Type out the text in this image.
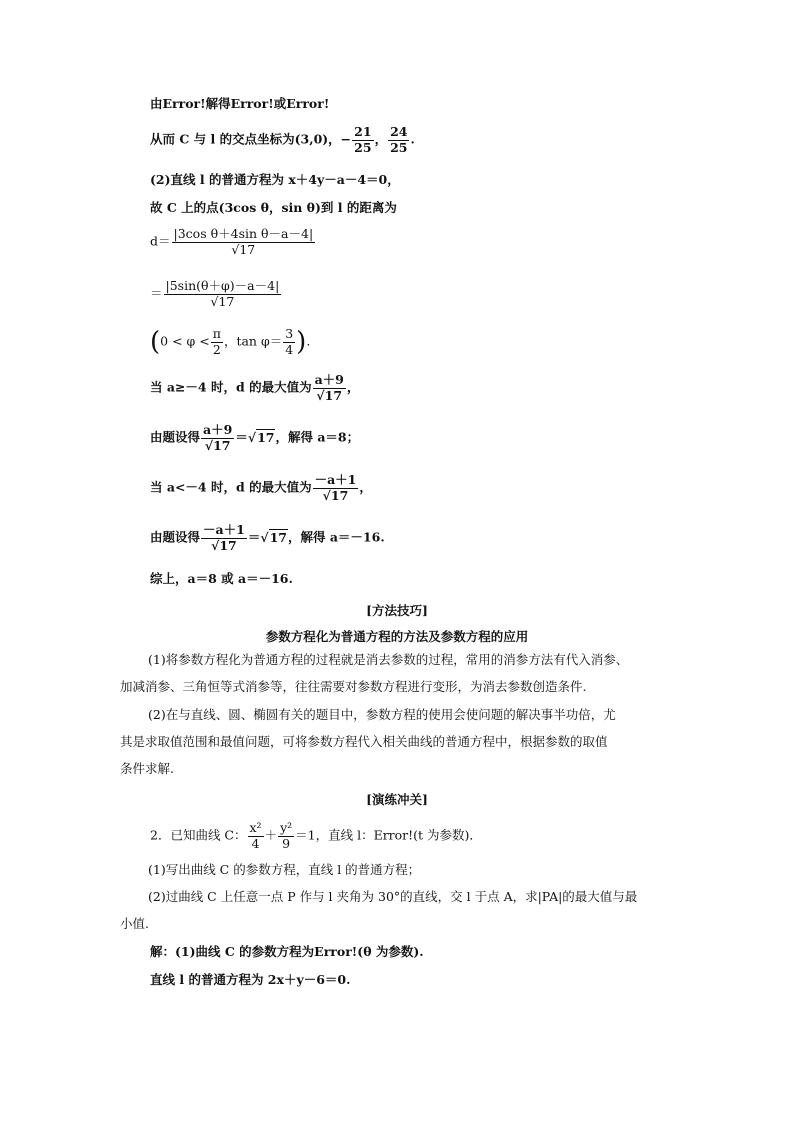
由Error!解得Error!或Error!
从而 C 与 l 的交点坐标为(3,0)，− $\frac{21}{25}$ ， $\frac{24}{25}$ .
(2)直线 l 的普通方程为 x＋4y－a－4＝0，
故 C 上的点(3cos θ，sin θ)到 l 的距离为
$d= \frac{\text{|3cos θ＋4sin θ－a－4|}}{√17}$
＝ $\frac{|5\sin(\theta+\varphi)-a-4|}{√17}$
($0 < \varphi < \frac{\pi}{2}$ ，$\tan \varphi= \frac{3}{4}$ ).
当 a≥－4 时，d 的最大值为 $\frac{a+9}{√17}$ ，
由题设得 $\frac{a+9}{√17} =√17$，解得 a＝8；
当 a<－4 时，d 的最大值为 $\frac{-a+1}{√17}$ ，
由题设得 $\frac{-a+1}{√17} =√17$，解得 a＝－16.
综上，a＝8 或 a＝－16.
[方法技巧]
参数方程化为普通方程的方法及参数方程的应用
(1)将参数方程化为普通方程的过程就是消去参数的过程，常用的消参方法有代入消参、
加减消参、三角恒等式消参等，往往需要对参数方程进行变形，为消去参数创造条件.
(2)在与直线、圆、椭圆有关的题目中，参数方程的使用会使问题的解决事半功倍，尤
其是求取值范围和最值问题，可将参数方程代入相关曲线的普通方程中，根据参数的取值
条件求解.
[演练冲关]
2．已知曲线 C： $\frac{\text{x²}}{4} + \frac{\text{y²}}{9} =1$，直线 l：Error!(t 为参数)．
(1)写出曲线 C 的参数方程，直线 l 的普通方程；
(2)过曲线 C 上任意一点 P 作与 l 夹角为 30°的直线，交 l 于点 A，求|PA|的最大值与最
小值.
解：(1)曲线 C 的参数方程为Error!(θ 为参数).
直线 l 的普通方程为 2x＋y－6＝0.
